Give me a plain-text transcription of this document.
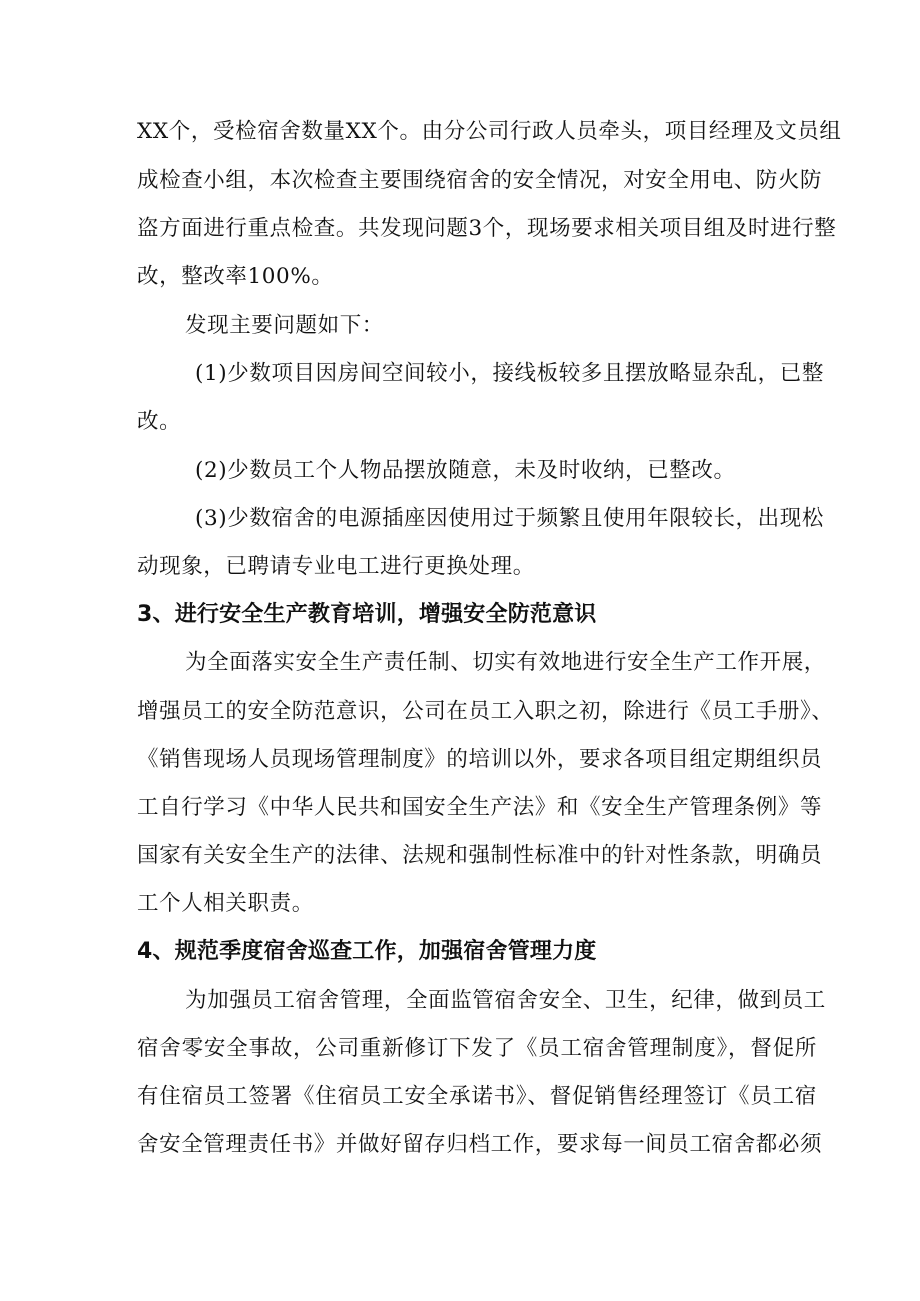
XX个，受检宿舍数量XX个。由分公司行政人员牵头，项目经理及文员组
成检查小组，本次检查主要围绕宿舍的安全情况，对安全用电、防火防
盗方面进行重点检查。共发现问题3个，现场要求相关项目组及时进行整
改，整改率100%。
发现主要问题如下：
(1)少数项目因房间空间较小，接线板较多且摆放略显杂乱，已整
改。
(2)少数员工个人物品摆放随意，未及时收纳，已整改。
(3)少数宿舍的电源插座因使用过于频繁且使用年限较长，出现松
动现象，已聘请专业电工进行更换处理。
3、进行安全生产教育培训，增强安全防范意识
为全面落实安全生产责任制、切实有效地进行安全生产工作开展，
增强员工的安全防范意识，公司在员工入职之初，除进行《员工手册》、
《销售现场人员现场管理制度》的培训以外，要求各项目组定期组织员
工自行学习《中华人民共和国安全生产法》和《安全生产管理条例》等
国家有关安全生产的法律、法规和强制性标准中的针对性条款，明确员
工个人相关职责。
4、规范季度宿舍巡查工作，加强宿舍管理力度
为加强员工宿舍管理，全面监管宿舍安全、卫生，纪律，做到员工
宿舍零安全事故，公司重新修订下发了《员工宿舍管理制度》，督促所
有住宿员工签署《住宿员工安全承诺书》、督促销售经理签订《员工宿
舍安全管理责任书》并做好留存归档工作，要求每一间员工宿舍都必须
